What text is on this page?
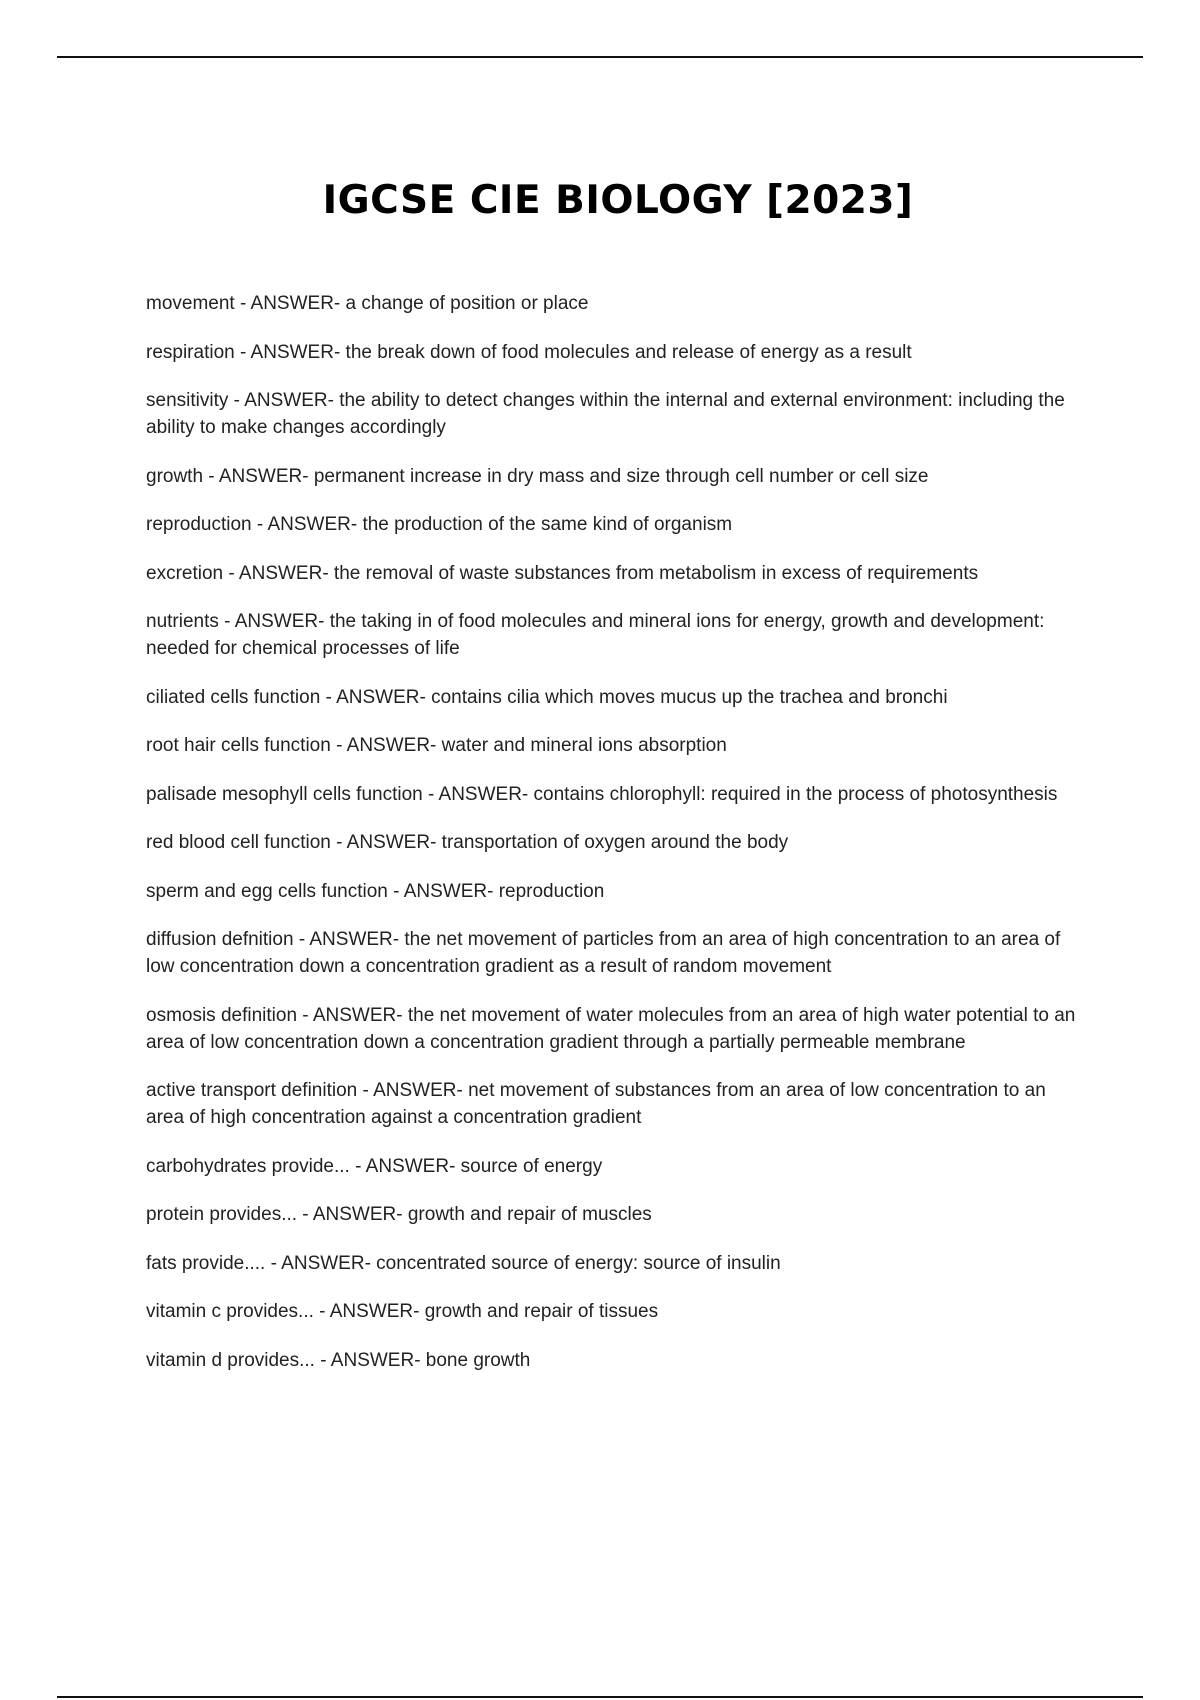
IGCSE CIE BIOLOGY [2023]
movement - ANSWER- a change of position or place
respiration - ANSWER- the break down of food molecules and release of energy as a result
sensitivity - ANSWER- the ability to detect changes within the internal and external environment: including the ability to make changes accordingly
growth - ANSWER- permanent increase in dry mass and size through cell number or cell size
reproduction - ANSWER- the production of the same kind of organism
excretion - ANSWER- the removal of waste substances from metabolism in excess of requirements
nutrients - ANSWER- the taking in of food molecules and mineral ions for energy, growth and development: needed for chemical processes of life
ciliated cells function - ANSWER- contains cilia which moves mucus up the trachea and bronchi
root hair cells function - ANSWER- water and mineral ions absorption
palisade mesophyll cells function - ANSWER- contains chlorophyll: required in the process of photosynthesis
red blood cell function - ANSWER- transportation of oxygen around the body
sperm and egg cells function - ANSWER- reproduction
diffusion defnition - ANSWER- the net movement of particles from an area of high concentration to an area of low concentration down a concentration gradient as a result of random movement
osmosis definition - ANSWER- the net movement of water molecules from an area of high water potential to an area of low concentration down a concentration gradient through a partially permeable membrane
active transport definition - ANSWER- net movement of substances from an area of low concentration to an area of high concentration against a concentration gradient
carbohydrates provide... - ANSWER- source of energy
protein provides... - ANSWER- growth and repair of muscles
fats provide.... - ANSWER- concentrated source of energy: source of insulin
vitamin c provides... - ANSWER- growth and repair of tissues
vitamin d provides... - ANSWER- bone growth
